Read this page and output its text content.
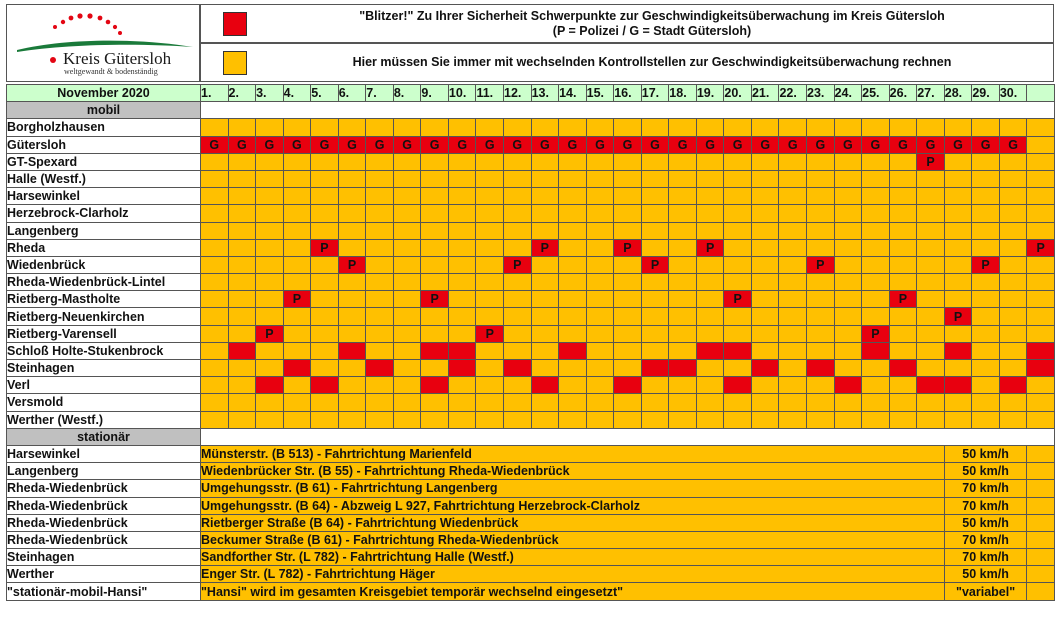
Kreis Gütersloh
weltgewandt & bodenständig
"Blitzer!" Zu Ihrer Sicherheit Schwerpunkte zur Geschwindigkeitsüberwachung im Kreis Gütersloh
(P = Polizei / G = Stadt Gütersloh)
Hier müssen Sie immer mit wechselnden Kontrollstellen zur Geschwindigkeitsüberwachung rechnen
November 2020	1.	2.	3.	4.	5.	6.	7.	8.	9.	10.	11.	12.	13.	14.	15.	16.	17.	18.	19.	20.	21.	22.	23.	24.	25.	26.	27.	28.	29.	30.	
mobil																															
Borgholzhausen																															
Gütersloh	G	G	G	G	G	G	G	G	G	G	G	G	G	G	G	G	G	G	G	G	G	G	G	G	G	G	G	G	G	G	
GT-Spexard																											P				
Halle (Westf.)																															
Harsewinkel																															
Herzebrock-Clarholz																															
Langenberg																															
Rheda					P								P			P			P												P
Wiedenbrück						P						P					P						P						P		
Rheda-Wiedenbrück-Lintel																															
Rietberg-Mastholte				P					P											P						P					
Rietberg-Neuenkirchen																												P			
Rietberg-Varensell			P								P														P						
Schloß Holte-Stukenbrock																															
Steinhagen																															
Verl																															
Versmold																															
Werther (Westf.)																															
stationär																															
Harsewinkel	Münsterstr. (B 513) - Fahrtrichtung Marienfeld																											50 km/h			
Langenberg	Wiedenbrücker Str. (B 55) - Fahrtrichtung Rheda-Wiedenbrück																											50 km/h			
Rheda-Wiedenbrück	Umgehungsstr. (B 61) - Fahrtrichtung Langenberg																											70 km/h			
Rheda-Wiedenbrück	Umgehungsstr. (B 64) - Abzweig L 927, Fahrtrichtung Herzebrock-Clarholz																											70 km/h			
Rheda-Wiedenbrück	Rietberger Straße (B 64) - Fahrtrichtung Wiedenbrück																											50 km/h			
Rheda-Wiedenbrück	Beckumer Straße (B 61) - Fahrtrichtung Rheda-Wiedenbrück																											70 km/h			
Steinhagen	Sandforther Str. (L 782) - Fahrtrichtung Halle (Westf.)																											70 km/h			
Werther	Enger Str. (L 782) - Fahrtrichtung Häger																											50 km/h			
"stationär-mobil-Hansi"	"Hansi" wird im gesamten Kreisgebiet temporär wechselnd eingesetzt"																											"variabel"			
